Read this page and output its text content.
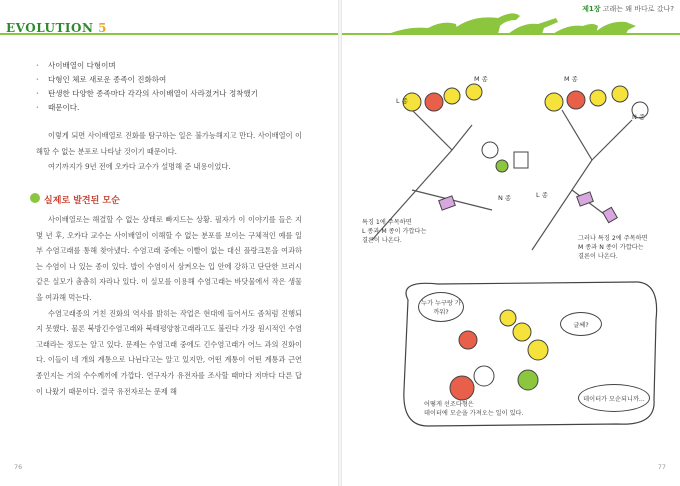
EVOLUTION 5
제1장 고래는 왜 바다로 갔나?
· 사이배열이 다형이며
· 다형인 체로 새로운 종족이 진화하여
· 탄생한 다양한 종족마다 각각의 사이배열이 사라졌거나 정착했기
· 때문이다.

이렇게 되면 사이배열로 진화를 탐구하는 일은 불가능해지고 만다. 사이배열이 이해할 수 없는 분포로 나타날 것이기 때문이다.

여기까지가 9년 전에 오카다 교수가 설명해 준 내용이었다.

실제로 발견된 모순

사이배열로는 해결할 수 없는 상태로 빠지드는 상황. 필자가 이 이야기를 들은 지 몇 년 후, 오카다 교수는 사이배열이 이해할 수 없는 분포를 보이는 구체적인 예를 일부 수염고래를 통해 찾아냈다. 수염고래 중에는 이빨이 없는 대신 플랑크톤을 여과하는 수염이 나 있는 종이 있다. 밥이 수염이서 삼켜오는 입 안에 강하고 단단한 브러시 같은 실모가 촘촘히 자라나 있다. 이 실모를 이용해 수염고래는 바닷물에서 작은 생물을 여과해 먹는다.

수염고래종의 거친 진화의 역사를 밝히는 작업은 현대에 들어서도 좀처럼 진행되지 못했다. 물론 북방긴수염고래와 북태평양참고래라고도 불린다 가장 원시적인 수염고래라는 정도는 알고 있다. 문제는 수염고래 중에도 긴수염고래가 어느 과의 진화이다. 이들이 네 개의 계통으로 나뉜다고는 알고 있지만, 어떤 계통이 어떤 계통과 근연종인지는 거의 수수께끼에 가깝다. 연구자가 유전자를 조사할 때마다 저마다 다른 답이 나왔기 때문이다. 결국 유전자로는 문제 해

76
L 종
M 종
N 종
M 종
N 종
L 종
특징 1에 주목하면
L 종과 M 종이 가깝다는
결론이 나온다.	그러나 특징 2에 주목하면
M 종과 N 종이 가깝다는
결론이 나온다.
누가 누구랑 가까워?
글쎄?
데이터가 모순되니까...
어떻게 선조다형은
데이터에 모순을 가져오는 일이 있다.
77
